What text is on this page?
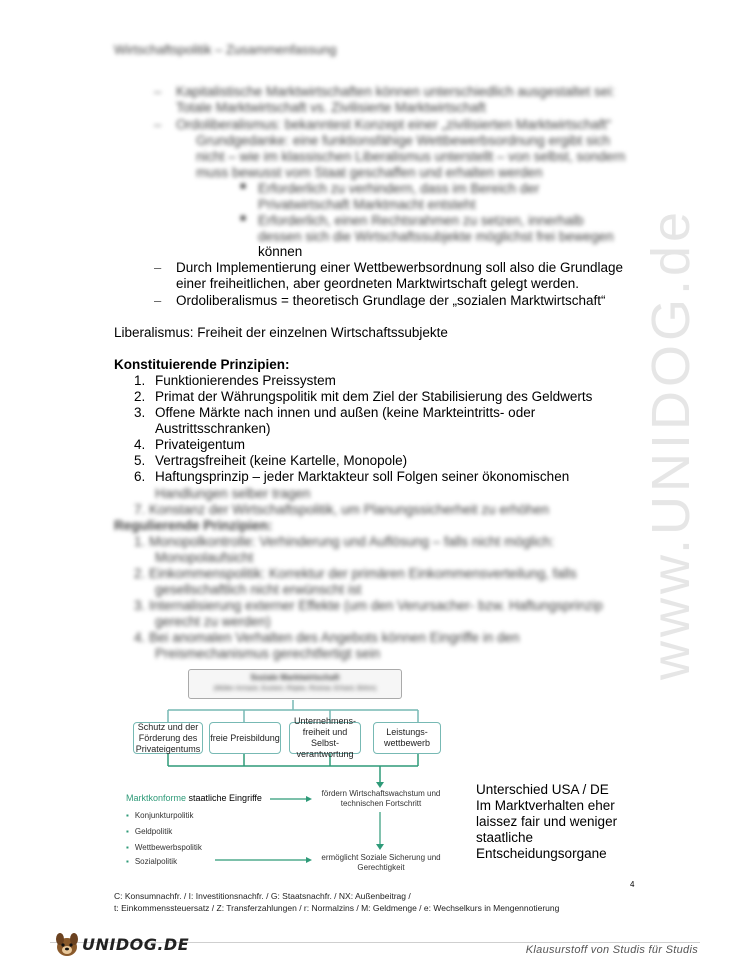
Wirtschaftspolitik – Zusammenfassung
www.UNIDOG.de
– Kapitalistische Marktwirtschaften können unterschiedlich ausgestaltet sei:
Totale Marktwirtschaft vs. Zivilisierte Marktwirtschaft
– Ordoliberalismus: bekanntest Konzept einer „zivilisierten Marktwirtschaft“
Grundgedanke: eine funktionsfähige Wettbewerbsordnung ergibt sich
nicht – wie im klassischen Liberalismus unterstellt – von selbst, sondern
muss bewusst vom Staat geschaffen und erhalten werden
■ Erforderlich zu verhindern, dass im Bereich der
Privatwirtschaft Marktmacht entsteht
■ Erforderlich, einen Rechtsrahmen zu setzen, innerhalb
dessen sich die Wirtschaftssubjekte möglichst frei bewegen
können
– Durch Implementierung einer Wettbewerbsordnung soll also die Grundlage
einer freiheitlichen, aber geordneten Marktwirtschaft gelegt werden.
– Ordoliberalismus = theoretisch Grundlage der „sozialen Marktwirtschaft“
Liberalismus: Freiheit der einzelnen Wirtschaftssubjekte
Konstituierende Prinzipien:
1. Funktionierendes Preissystem
2. Primat der Währungspolitik mit dem Ziel der Stabilisierung des Geldwerts
3. Offene Märkte nach innen und außen (keine Markteintritts- oder
Austrittsschranken)
4. Privateigentum
5. Vertragsfreiheit (keine Kartelle, Monopole)
6. Haftungsprinzip – jeder Marktakteur soll Folgen seiner ökonomischen
Handlungen selber tragen
7. Konstanz der Wirtschaftspolitik, um Planungssicherheit zu erhöhen
Regulierende Prinzipien:
1. Monopolkontrolle: Verhinderung und Auflösung – falls nicht möglich:
Monopolaufsicht
2. Einkommenspolitik: Korrektur der primären Einkommensverteilung, falls
gesellschaftlich nicht erwünscht ist
3. Internalisierung externer Effekte (um den Verursacher- bzw. Haftungsprinzip
gerecht zu werden)
4. Bei anomalen Verhalten des Angebots können Eingriffe in den
Preismechanismus gerechtfertigt sein
Soziale Marktwirtschaft
(Müller-Armack, Eucken, Röpke, Rüstow, Erhard, Böhm)
Schutz und der Förderung des Privateigentums
freie Preisbildung
Unternehmens-freiheit und Selbst-verantwortung
Leistungs-wettbewerb
Marktkonforme staatliche Eingriffe	fördern Wirtschaftswachstum und technischen Fortschritt
ermöglicht Soziale Sicherung und Gerechtigkeit
▪ Konjunkturpolitik
▪ Geldpolitik
▪ Wettbewerbspolitik
▪ Sozialpolitik
Unterschied USA / DE
Im Marktverhalten eher
laissez fair und weniger
staatliche
Entscheidungsorgane
4
C: Konsumnachfr. / I: Investitionsnachfr. / G: Staatsnachfr. / NX: Außenbeitrag /
t: Einkommenssteuersatz / Z: Transferzahlungen / r: Normalzins / M: Geldmenge / e: Wechselkurs in Mengennotierung
UNIDOG.DE	Klausurstoff von Studis für Studis
